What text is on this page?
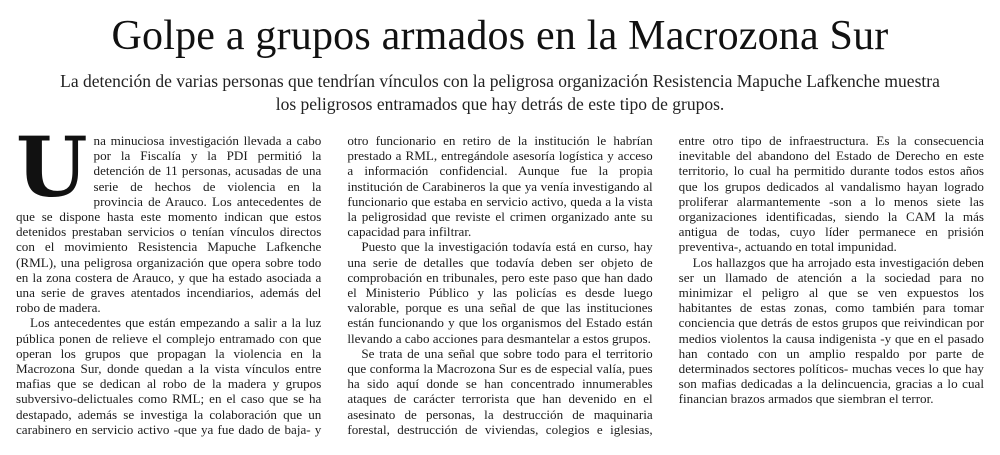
Golpe a grupos armados en la Macrozona Sur
La detención de varias personas que tendrían vínculos con la peligrosa organización Resistencia Mapuche Lafkenche muestra los peligrosos entramados que hay detrás de este tipo de grupos.

Una minuciosa investigación llevada a cabo por la Fiscalía y la PDI permitió la detención de 11 personas, acusadas de una serie de hechos de violencia en la provincia de Arauco. Los antecedentes de que se dispone hasta este momento indican que estos detenidos prestaban servicios o tenían vínculos directos con el movimiento Resistencia Mapuche Lafkenche (RML), una peligrosa organización que opera sobre todo en la zona costera de Arauco, y que ha estado asociada a una serie de graves atentados incendiarios, además del robo de madera.

Los antecedentes que están empezando a salir a la luz pública ponen de relieve el complejo entramado con que operan los grupos que propagan la violencia en la Macrozona Sur, donde quedan a la vista vínculos entre mafias que se dedican al robo de la madera y grupos subversivo-delictuales como RML; en el caso que se ha destapado, además se investiga la colaboración que un carabinero en servicio activo -que ya fue dado de baja- y otro funcionario en retiro de la institución le habrían prestado a RML, entregándole asesoría logística y acceso a información confidencial. Aunque fue la propia institución de Carabineros la que ya venía investigando al funcionario que estaba en servicio activo, queda a la vista la peligrosidad que reviste el crimen organizado ante su capacidad para infiltrar.

Puesto que la investigación todavía está en curso, hay una serie de detalles que todavía deben ser objeto de comprobación en tribunales, pero este paso que han dado el Ministerio Público y las policías es desde luego valorable, porque es una señal de que las instituciones están funcionando y que los organismos del Estado están llevando a cabo acciones para desmantelar a estos grupos.

Se trata de una señal que sobre todo para el territorio que conforma la Macrozona Sur es de especial valía, pues ha sido aquí donde se han concentrado innumerables ataques de carácter terrorista que han devenido en el asesinato de personas, la destrucción de maquinaria forestal, destrucción de viviendas, colegios e iglesias, entre otro tipo de infraestructura. Es la consecuencia inevitable del abandono del Estado de Derecho en este territorio, lo cual ha permitido durante todos estos años que los grupos dedicados al vandalismo hayan logrado proliferar alarmantemente -son a lo menos siete las organizaciones identificadas, siendo la CAM la más antigua de todas, cuyo líder permanece en prisión preventiva-, actuando en total impunidad.

Los hallazgos que ha arrojado esta investigación deben ser un llamado de atención a la sociedad para no minimizar el peligro al que se ven expuestos los habitantes de estas zonas, como también para tomar conciencia que detrás de estos grupos que reivindican por medios violentos la causa indigenista -y que en el pasado han contado con un amplio respaldo por parte de determinados sectores políticos- muchas veces lo que hay son mafias dedicadas a la delincuencia, gracias a lo cual financian brazos armados que siembran el terror.
